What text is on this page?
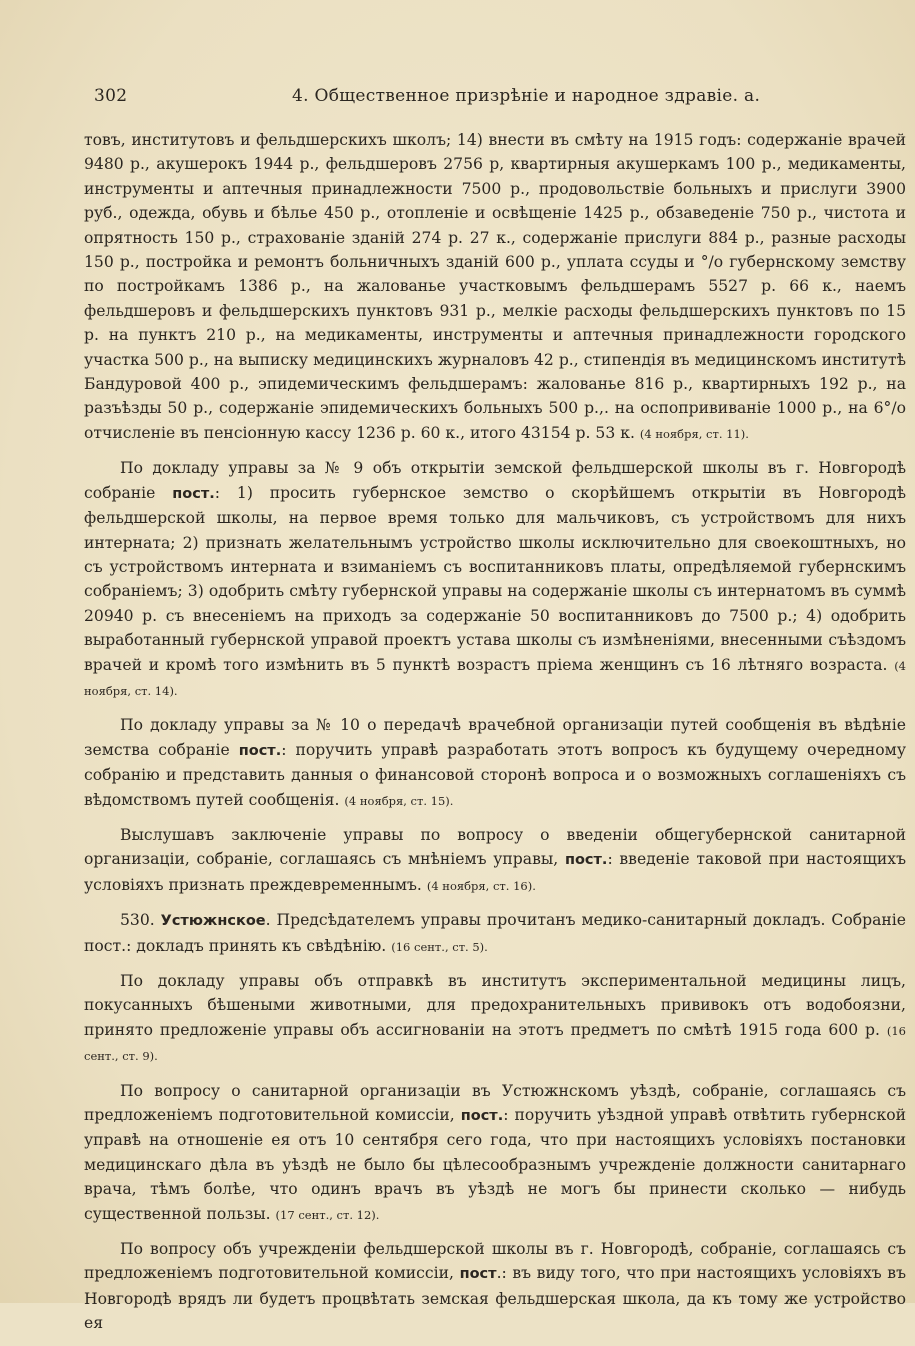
302	4. Общественное призрѣніе и народное здравіе. а.

товъ, институтовъ и фельдшерскихъ школъ; 14) внести въ смѣту на 1915 годъ: содержаніе врачей 9480 р., акушерокъ 1944 р., фельдшеровъ 2756 р, квартирныя акушеркамъ 100 р., медикаменты, инструменты и аптечныя принадлежности 7500 р., продовольствіе больныхъ и прислуги 3900 руб., одежда, обувь и бѣлье 450 р., отопленіе и освѣщеніе 1425 р., обзаведеніе 750 р., чистота и опрятность 150 р., страхованіе зданій 274 р. 27 к., содержаніе прислуги 884 р., разные расходы 150 р., постройка и ремонтъ больничныхъ зданій 600 р., уплата ссуды и °/о губернскому земству по постройкамъ 1386 р., на жалованье участковымъ фельдшерамъ 5527 р. 66 к., наемъ фельдшеровъ и фельдшерскихъ пунктовъ 931 р., мелкіе расходы фельдшерскихъ пунктовъ по 15 р. на пунктъ 210 р., на медикаменты, инструменты и аптечныя принадлежности городского участка 500 р., на выписку медицинскихъ журналовъ 42 р., стипендія въ медицинскомъ институтѣ Бандуровой 400 р., эпидемическимъ фельдшерамъ: жалованье 816 р., квартирныхъ 192 р., на разъѣзды 50 р., содержаніе эпидемическихъ больныхъ 500 р.,. на оспопрививаніе 1000 р., на 6°/о отчисленіе въ пенсіонную кассу 1236 р. 60 к., итого 43154 р. 53 к. (4 ноября, ст. 11).

По докладу управы за № 9 объ открытіи земской фельдшерской школы въ г. Новгородѣ собраніе пост.: 1) просить губернское земство о скорѣйшемъ открытіи въ Новгородѣ фельдшерской школы, на первое время только для мальчиковъ, съ устройствомъ для нихъ интерната; 2) признать желательнымъ устройство школы исключительно для своекоштныхъ, но съ устройствомъ интерната и взиманіемъ съ воспитанниковъ платы, опредѣляемой губернскимъ собраніемъ; 3) одобрить смѣту губернской управы на содержаніе школы съ интернатомъ въ суммѣ 20940 р. съ внесеніемъ на приходъ за содержаніе 50 воспитанниковъ до 7500 р.; 4) одобрить выработанный губернской управой проектъ устава школы съ измѣненіями, внесенными съѣздомъ врачей и кромѣ того измѣнить въ 5 пунктѣ возрастъ пріема женщинъ съ 16 лѣтняго возраста. (4 ноября, ст. 14).

По докладу управы за № 10 о передачѣ врачебной организаціи путей сообщенія въ вѣдѣніе земства собраніе пост.: поручить управѣ разработать этотъ вопросъ къ будущему очередному собранію и представить данныя о финансовой сторонѣ вопроса и о возможныхъ соглашеніяхъ съ вѣдомствомъ путей сообщенія. (4 ноября, ст. 15).

Выслушавъ заключеніе управы по вопросу о введеніи общегубернской санитарной организаціи, собраніе, соглашаясь съ мнѣніемъ управы, пост.: введеніе таковой при настоящихъ условіяхъ признать преждевременнымъ. (4 ноября, ст. 16).

530. Устюжнское. Предсѣдателемъ управы прочитанъ медико-санитарный докладъ. Собраніе пост.: докладъ принять къ свѣдѣнію. (16 сент., ст. 5).

По докладу управы объ отправкѣ въ институтъ экспериментальной медицины лицъ, покусанныхъ бѣшеными животными, для предохранительныхъ прививокъ отъ водобоязни, принято предложеніе управы объ ассигнованіи на этотъ предметъ по смѣтѣ 1915 года 600 р. (16 сент., ст. 9).

По вопросу о санитарной организаціи въ Устюжнскомъ уѣздѣ, собраніе, соглашаясь съ предложеніемъ подготовительной комиссіи, пост.: поручить уѣздной управѣ отвѣтить губернской управѣ на отношеніе ея отъ 10 сентября сего года, что при настоящихъ условіяхъ постановки медицинскаго дѣла въ уѣздѣ не было бы цѣлесообразнымъ учрежденіе должности санитарнаго врача, тѣмъ болѣе, что одинъ врачъ въ уѣздѣ не могъ бы принести сколько — нибудь существенной пользы. (17 сент., ст. 12).

По вопросу объ учрежденіи фельдшерской школы въ г. Новгородѣ, собраніе, соглашаясь съ предложеніемъ подготовительной комиссіи, пост.: въ виду того, что при настоящихъ условіяхъ въ Новгородѣ врядъ ли будетъ процвѣтать земская фельдшерская школа, да къ тому же устройство ея
